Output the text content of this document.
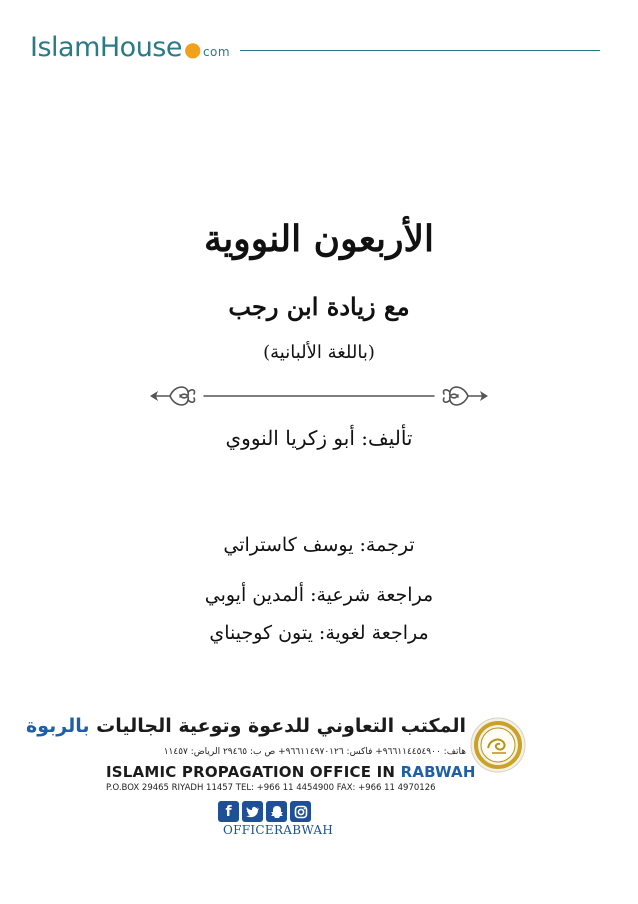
IslamHouse ● com
الأربعون النووية
مع زيادة ابن رجب
(باللغة الألبانية)
تأليف: أبو زكريا النووي
ترجمة: يوسف كاستراتي
مراجعة شرعية: ألمدين أيوبي
مراجعة لغوية: يتون كوجيناي
المكتب التعاوني للدعوة وتوعية الجاليات بالربوة
هاتف: ٩٦٦١١٤٤٥٤٩٠٠+ فاكس: ٩٦٦١١٤٩٧٠١٢٦+ ص ب: ٢٩٤٦٥ الرياض: ١١٤٥٧
ISLAMIC PROPAGATION OFFICE IN RABWAH
P.O.BOX 29465 RIYADH 11457 TEL: +966 11 4454900 FAX: +966 11 4970126
f
OFFICERABWAH
